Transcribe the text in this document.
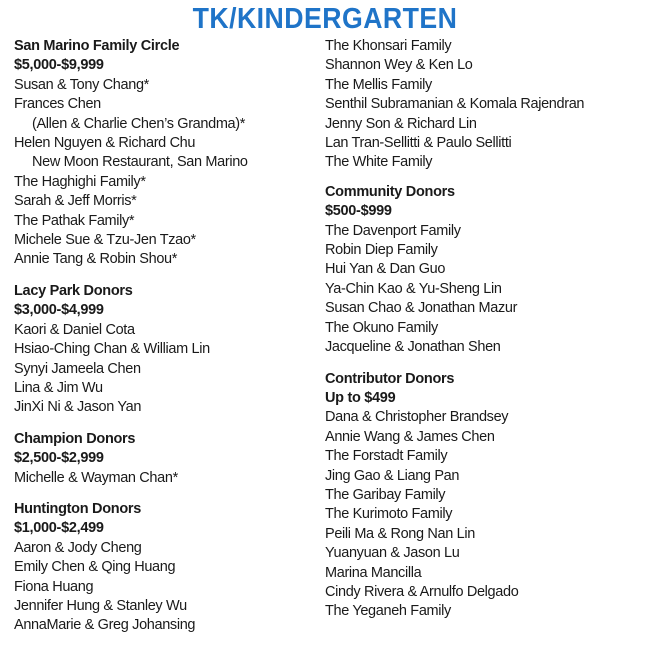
TK/KINDERGARTEN
San Marino Family Circle
$5,000-$9,999
Susan & Tony Chang*
Frances Chen
(Allen & Charlie Chen’s Grandma)*
Helen Nguyen & Richard Chu
New Moon Restaurant, San Marino
The Haghighi Family*
Sarah & Jeff Morris*
The Pathak Family*
Michele Sue & Tzu-Jen Tzao*
Annie Tang & Robin Shou*
Lacy Park Donors
$3,000-$4,999
Kaori & Daniel Cota
Hsiao-Ching Chan & William Lin
Synyi Jameela Chen
Lina & Jim Wu
JinXi Ni & Jason Yan
Champion Donors
$2,500-$2,999
Michelle & Wayman Chan*
Huntington Donors
$1,000-$2,499
Aaron & Jody Cheng
Emily Chen & Qing Huang
Fiona Huang
Jennifer Hung & Stanley Wu
AnnaMarie & Greg Johansing
The Khonsari Family
Shannon Wey & Ken Lo
The Mellis Family
Senthil Subramanian & Komala Rajendran
Jenny Son & Richard Lin
Lan Tran-Sellitti & Paulo Sellitti
The White Family
Community Donors
$500-$999
The Davenport Family
Robin Diep Family
Hui Yan & Dan Guo
Ya-Chin Kao & Yu-Sheng Lin
Susan Chao & Jonathan Mazur
The Okuno Family
Jacqueline & Jonathan Shen
Contributor Donors
Up to $499
Dana & Christopher Brandsey
Annie Wang & James Chen
The Forstadt Family
Jing Gao & Liang Pan
The Garibay Family
The Kurimoto Family
Peili Ma & Rong Nan Lin
Yuanyuan & Jason Lu
Marina Mancilla
Cindy Rivera & Arnulfo Delgado
The Yeganeh Family
